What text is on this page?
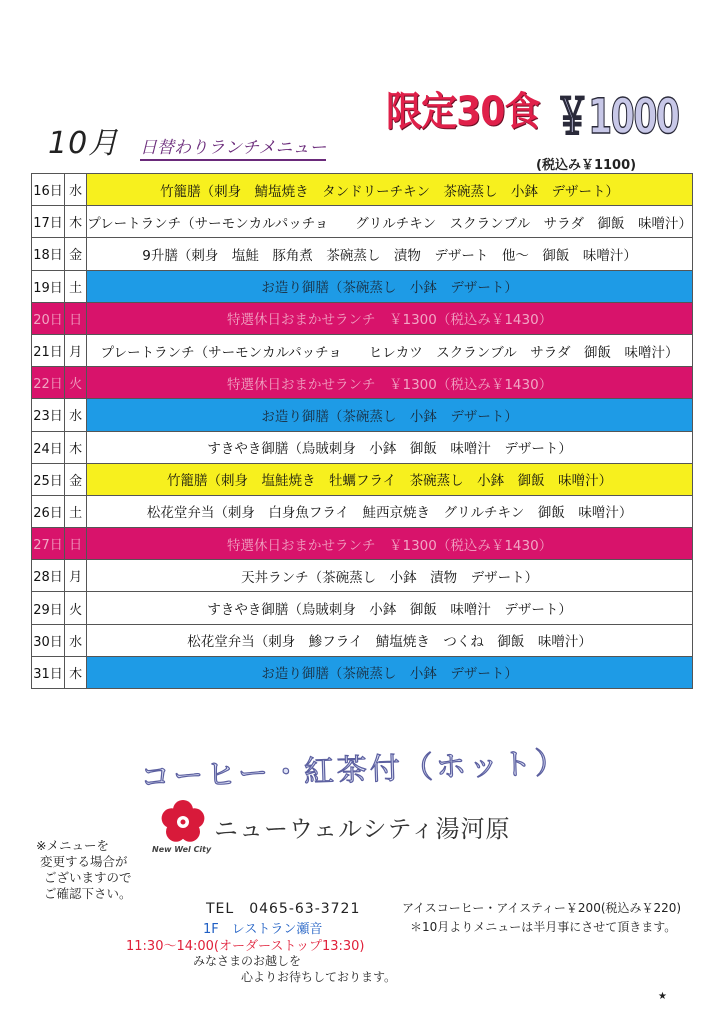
10月 日替わりランチメニュー
限定30食 ￥1000
(税込み￥1100)
16日	水	竹籠膳（刺身　鯖塩焼き　タンドリーチキン　茶碗蒸し　小鉢　デザート）
17日	木	プレートランチ（サーモンカルパッチョ　　グリルチキン　スクランブル　サラダ　御飯　味噌汁）
18日	金	9升膳（刺身　塩鮭　豚角煮　茶碗蒸し　漬物　デザート　他～　御飯　味噌汁）
19日	土	お造り御膳（茶碗蒸し　小鉢　デザート）
20日	日	特選休日おまかせランチ　￥1300（税込み￥1430）
21日	月	プレートランチ（サーモンカルパッチョ　　ヒレカツ　スクランブル　サラダ　御飯　味噌汁）
22日	火	特選休日おまかせランチ　￥1300（税込み￥1430）
23日	水	お造り御膳（茶碗蒸し　小鉢　デザート）
24日	木	すきやき御膳（烏賊刺身　小鉢　御飯　味噌汁　デザート）
25日	金	竹籠膳（刺身　塩鮭焼き　牡蠣フライ　茶碗蒸し　小鉢　御飯　味噌汁）
26日	土	松花堂弁当（刺身　白身魚フライ　鮭西京焼き　グリルチキン　御飯　味噌汁）
27日	日	特選休日おまかせランチ　￥1300（税込み￥1430）
28日	月	天丼ランチ（茶碗蒸し　小鉢　漬物　デザート）
29日	火	すきやき御膳（烏賊刺身　小鉢　御飯　味噌汁　デザート）
30日	水	松花堂弁当（刺身　鯵フライ　鯖塩焼き　つくね　御飯　味噌汁）
31日	木	お造り御膳（茶碗蒸し　小鉢　デザート）
コーヒー・紅茶付（ホット）
ニューウェルシティ湯河原
New Wel City
※メニューを
変更する場合が
ございますので
ご確認下さい。
TEL　0465-63-3721
1F　レストラン瀬音
11:30～14:00(オーダーストップ13:30)
みなさまのお越しを
心よりお待ちしております。
アイスコーヒー・アイスティー￥200(税込み￥220)
＊10月よりメニューは半月事にさせて頂きます。
★
